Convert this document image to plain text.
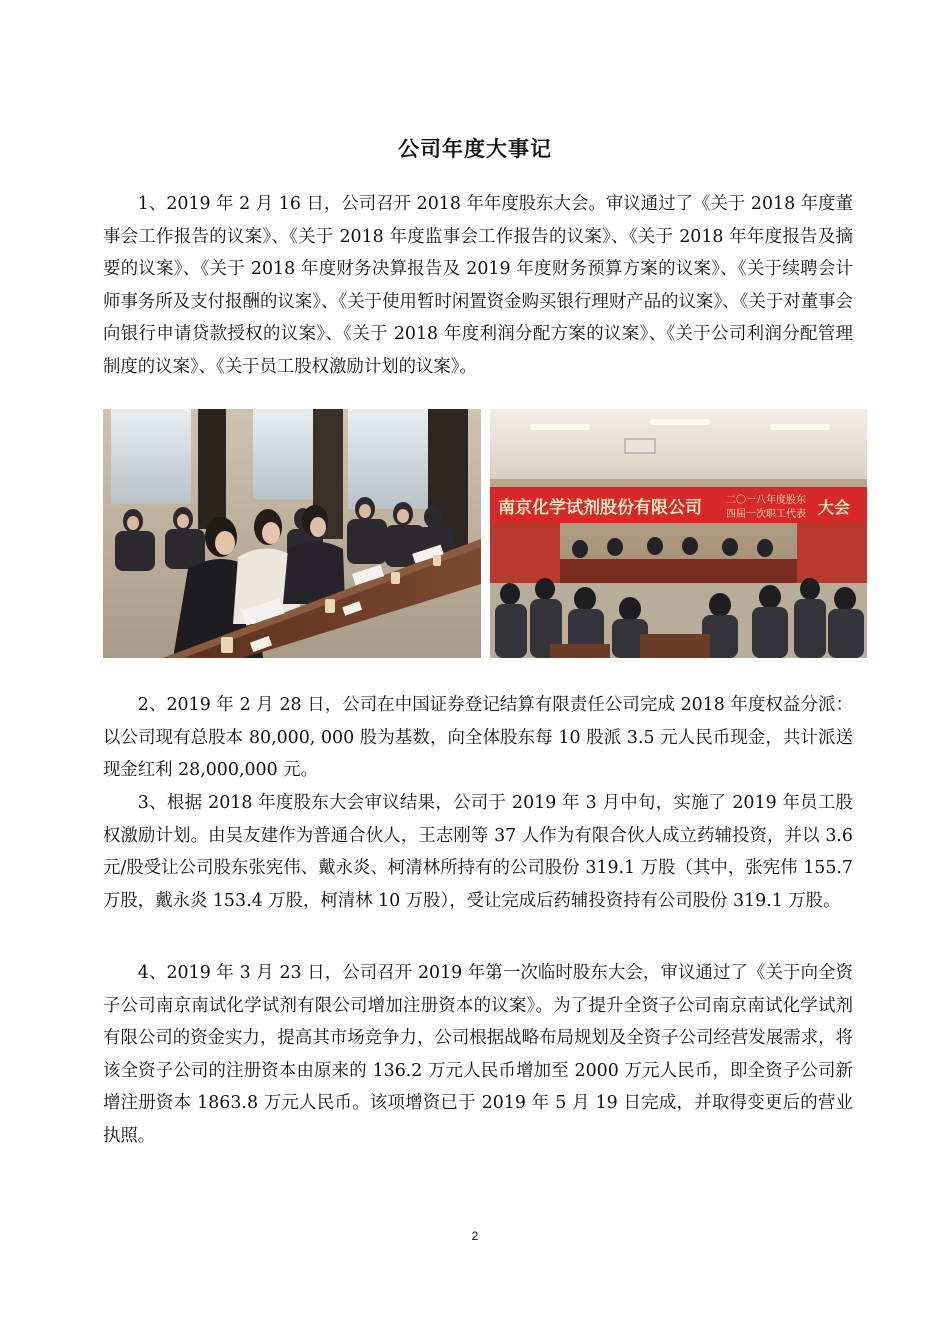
公司年度大事记

1、2019 年 2 月 16 日，公司召开 2018 年年度股东大会。审议通过了《关于 2018 年度董事会工作报告的议案》、《关于 2018 年度监事会工作报告的议案》、《关于 2018 年年度报告及摘要的议案》、《关于 2018 年度财务决算报告及 2019 年度财务预算方案的议案》、《关于续聘会计师事务所及支付报酬的议案》、《关于使用暂时闲置资金购买银行理财产品的议案》、《关于对董事会向银行申请贷款授权的议案》、《关于 2018 年度利润分配方案的议案》、《关于公司利润分配管理制度的议案》、《关于员工股权激励计划的议案》。

南京化学试剂股份有限公司 二〇一八年度股东
四届一次职工代表 大会

2、2019 年 2 月 28 日，公司在中国证券登记结算有限责任公司完成 2018 年度权益分派：以公司现有总股本 80,000, 000 股为基数，向全体股东每 10 股派 3.5 元人民币现金，共计派送现金红利 28,000,000 元。

3、根据 2018 年度股东大会审议结果，公司于 2019 年 3 月中旬，实施了 2019 年员工股权激励计划。由吴友建作为普通合伙人，王志刚等 37 人作为有限合伙人成立药辅投资，并以 3.6 元/股受让公司股东张宪伟、戴永炎、柯清林所持有的公司股份 319.1 万股（其中，张宪伟 155.7 万股，戴永炎 153.4 万股，柯清林 10 万股），受让完成后药辅投资持有公司股份 319.1 万股。

4、2019 年 3 月 23 日，公司召开 2019 年第一次临时股东大会，审议通过了《关于向全资子公司南京南试化学试剂有限公司增加注册资本的议案》。为了提升全资子公司南京南试化学试剂有限公司的资金实力，提高其市场竞争力，公司根据战略布局规划及全资子公司经营发展需求，将该全资子公司的注册资本由原来的 136.2 万元人民币增加至 2000 万元人民币，即全资子公司新增注册资本 1863.8 万元人民币。该项增资已于 2019 年 5 月 19 日完成，并取得变更后的营业执照。

2
